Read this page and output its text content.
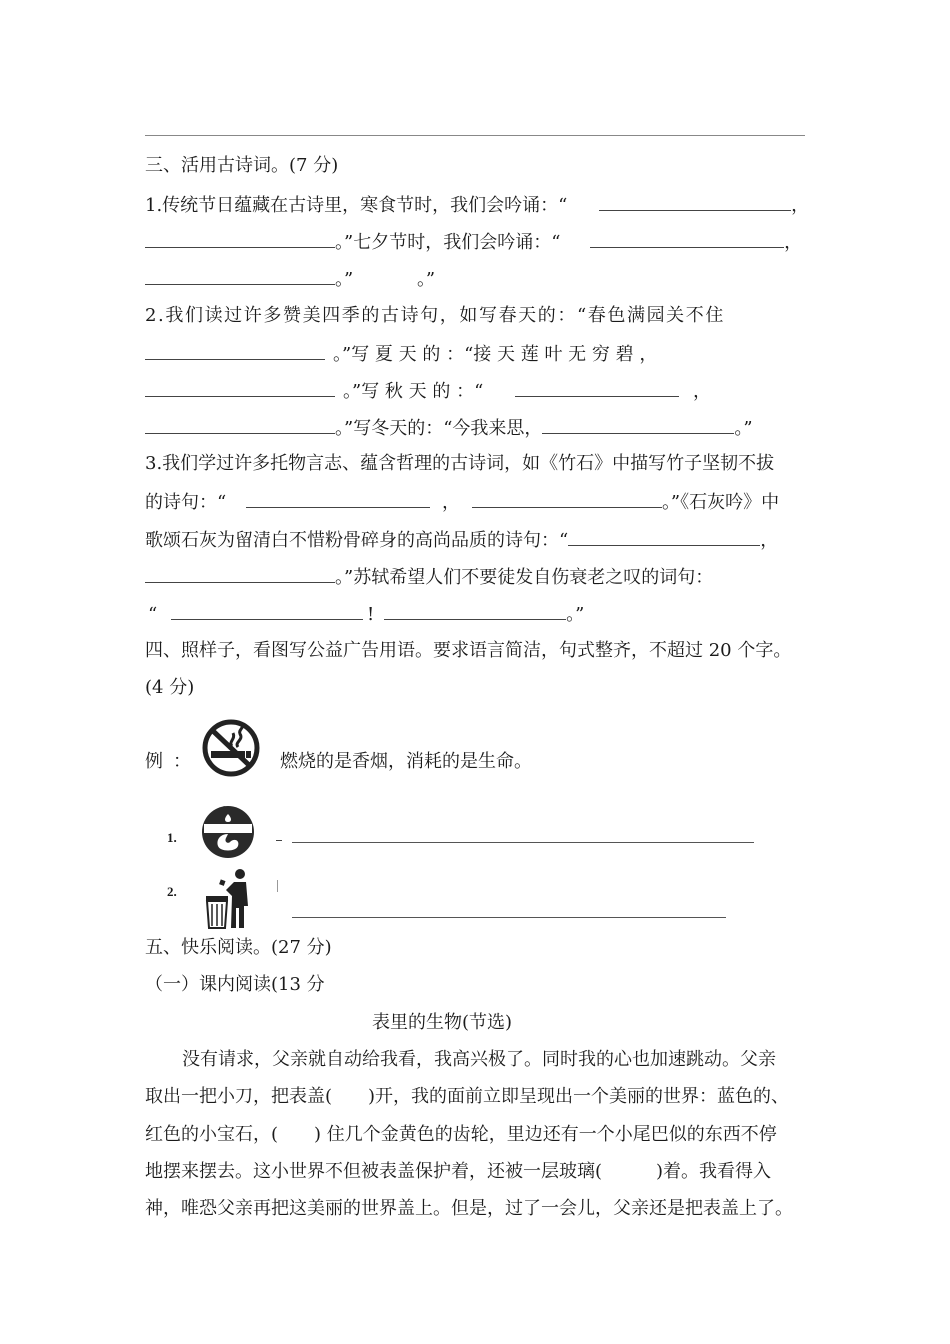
三、活用古诗词。(7 分)
1.传统节日蕴藏在古诗里，寒食节时，我们会吟诵：“	，
。”七夕节时，我们会吟诵：“	，
。”	。”
2.我们读过许多赞美四季的古诗句，如写春天的：“春色满园关不住
。”写 夏 天 的 ：“接 天 莲 叶 无 穷 碧 ，
。”写 秋 天 的 ：“	，
。”写冬天的：“今我来思，	。”
3.我们学过许多托物言志、蕴含哲理的古诗词，如《竹石》中描写竹子坚韧不拔
的诗句：“	，	。”《石灰吟》中
歌颂石灰为留清白不惜粉骨碎身的高尚品质的诗句：“	，
。”苏轼希望人们不要徒发自伤衰老之叹的词句：
“	!	。”
四、照样子，看图写公益广告用语。要求语言简洁，句式整齐，不超过 20 个字。
(4 分)
例 ：	燃烧的是香烟，消耗的是生命。
1.
2.
五、快乐阅读。(27 分)
（一）课内阅读(13 分
表里的生物(节选)
没有请求，父亲就自动给我看，我高兴极了。同时我的心也加速跳动。父亲
取出一把小刀，把表盖(　　)开，我的面前立即呈现出一个美丽的世界：蓝色的、
红色的小宝石，(　　) 住几个金黄色的齿轮，里边还有一个小尾巴似的东西不停
地摆来摆去。这小世界不但被表盖保护着，还被一层玻璃(　　　)着。我看得入
神，唯恐父亲再把这美丽的世界盖上。但是，过了一会儿，父亲还是把表盖上了。
